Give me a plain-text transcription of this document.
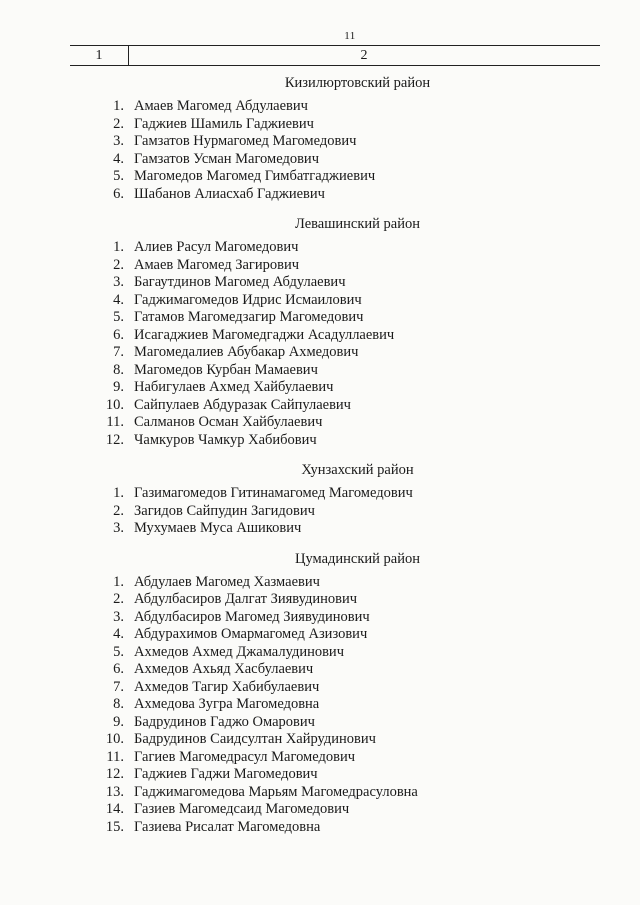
11
1	2
Кизилюртовский район
1. Амаев Магомед Абдулаевич
2. Гаджиев Шамиль Гаджиевич
3. Гамзатов Нурмагомед Магомедович
4. Гамзатов Усман Магомедович
5. Магомедов Магомед Гимбатгаджиевич
6. Шабанов Алиасхаб Гаджиевич
Левашинский район
1. Алиев Расул Магомедович
2. Амаев Магомед Загирович
3. Багаутдинов Магомед Абдулаевич
4. Гаджимагомедов Идрис Исмаилович
5. Гатамов Магомедзагир Магомедович
6. Исагаджиев Магомедгаджи Асадуллаевич
7. Магомедалиев Абубакар Ахмедович
8. Магомедов Курбан Мамаевич
9. Набигулаев Ахмед Хайбулаевич
10. Сайпулаев Абдуразак Сайпулаевич
11. Салманов Осман Хайбулаевич
12. Чамкуров Чамкур Хабибович
Хунзахский район
1. Газимагомедов Гитинамагомед Магомедович
2. Загидов Сайпудин Загидович
3. Мухумаев Муса Ашикович
Цумадинский район
1. Абдулаев Магомед Хазмаевич
2. Абдулбасиров Далгат Зиявудинович
3. Абдулбасиров Магомед Зиявудинович
4. Абдурахимов Омармагомед Азизович
5. Ахмедов Ахмед Джамалудинович
6. Ахмедов Ахьяд Хасбулаевич
7. Ахмедов Тагир Хабибулаевич
8. Ахмедова Зугра Магомедовна
9. Бадрудинов Гаджо Омарович
10. Бадрудинов Саидсултан Хайрудинович
11. Гагиев Магомедрасул Магомедович
12. Гаджиев Гаджи Магомедович
13. Гаджимагомедова Марьям Магомедрасуловна
14. Газиев Магомедсаид Магомедович
15. Газиева Рисалат Магомедовна
